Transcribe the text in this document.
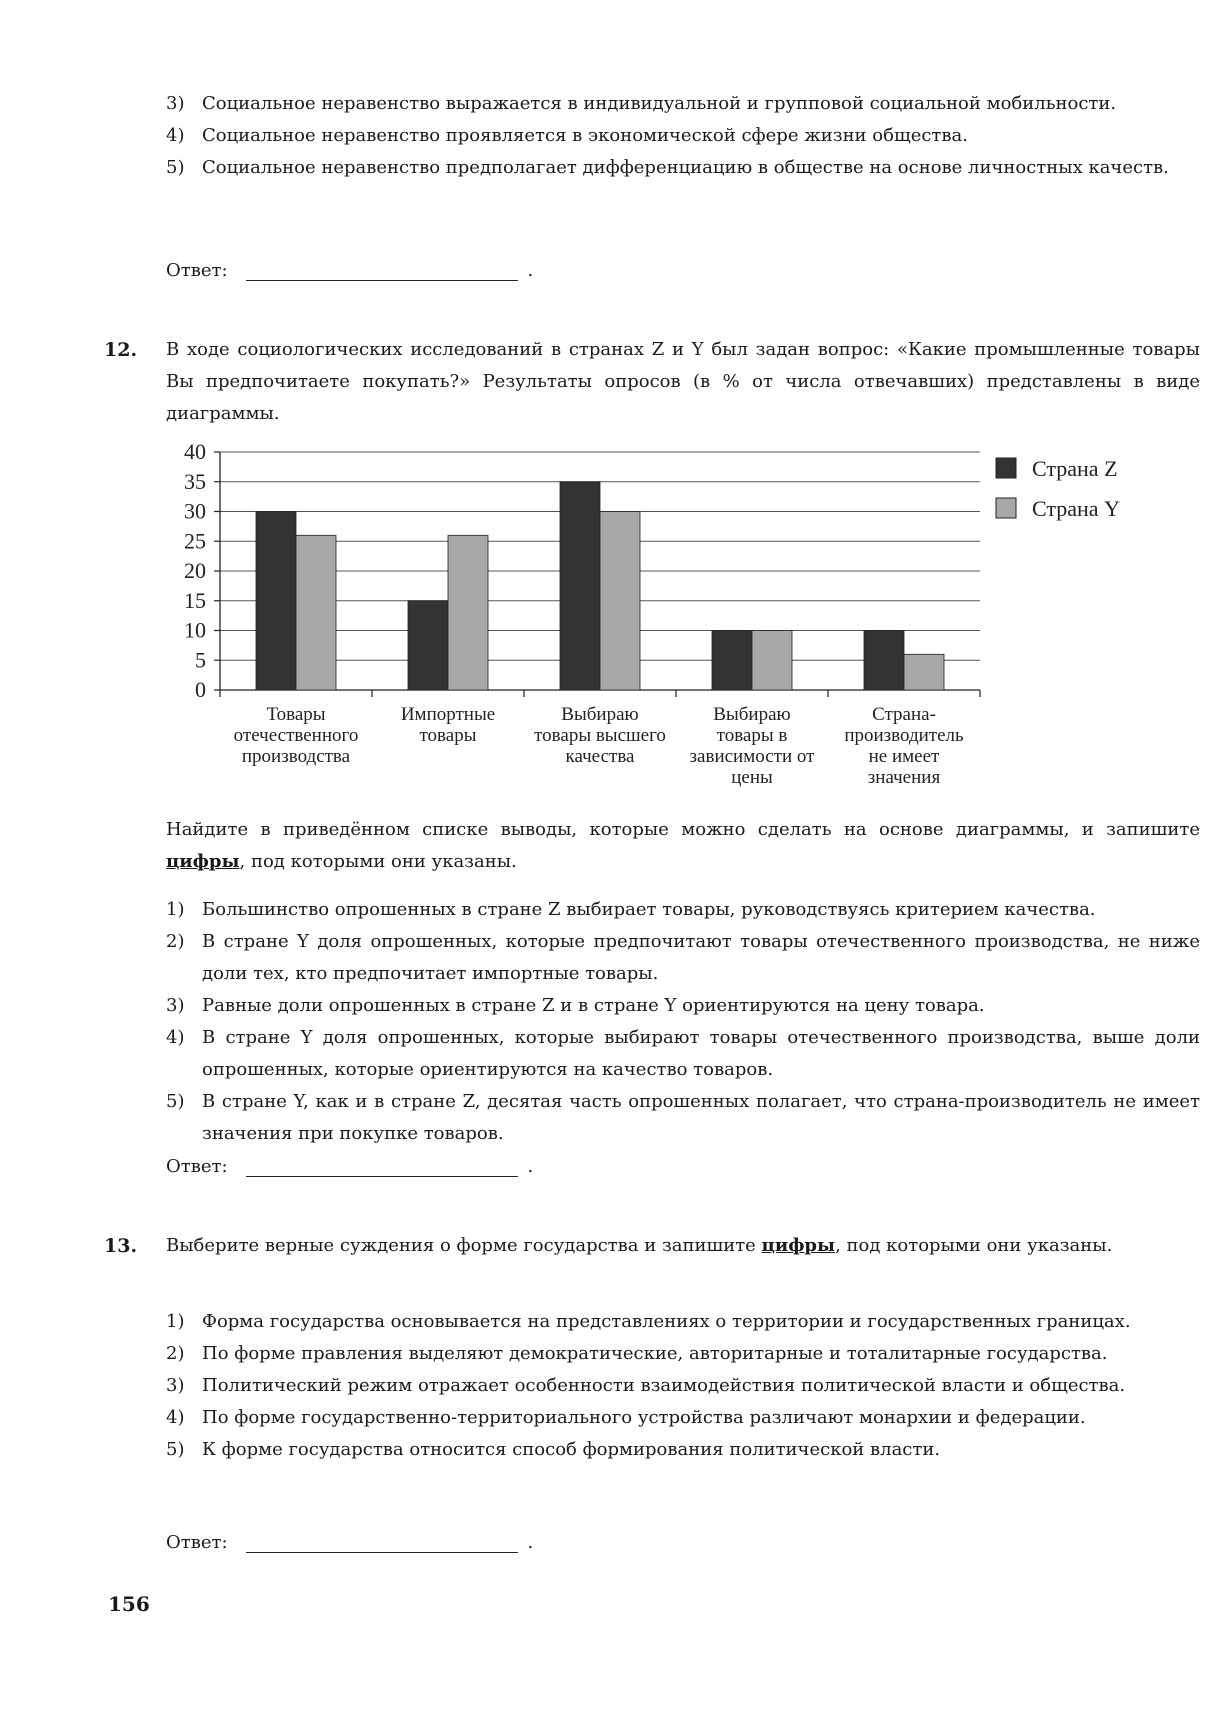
3) Социальное неравенство выражается в индивидуальной и групповой социальной мобильности.
4) Социальное неравенство проявляется в экономической сфере жизни общества.
5) Социальное неравенство предполагает дифференциацию в обществе на основе личностных качеств.
Ответ:	.
12. В ходе социологических исследований в странах Z и Y был задан вопрос: «Какие промышленные товары Вы предпочитаете покупать?» Результаты опросов (в % от числа отвечавших) представлены в виде диаграммы.
0
5
10
15
20
25
30
35
40
Товары
отечественного
производства
Импортные
товары
Выбираю
товары высшего
качества
Выбираю
товары в
зависимости от
цены
Страна-
производитель
не имеет
значения
Страна Z
Страна Y
Найдите в приведённом списке выводы, которые можно сделать на основе диаграммы, и запишите цифры, под которыми они указаны.
1) Большинство опрошенных в стране Z выбирает товары, руководствуясь критерием качества.
2) В стране Y доля опрошенных, которые предпочитают товары отечественного производства, не ниже доли тех, кто предпочитает импортные товары.
3) Равные доли опрошенных в стране Z и в стране Y ориентируются на цену товара.
4) В стране Y доля опрошенных, которые выбирают товары отечественного производства, выше доли опрошенных, которые ориентируются на качество товаров.
5) В стране Y, как и в стране Z, десятая часть опрошенных полагает, что страна-производитель не имеет значения при покупке товаров.
Ответ:	.
13. Выберите верные суждения о форме государства и запишите цифры, под которыми они указаны.
1) Форма государства основывается на представлениях о территории и государственных границах.
2) По форме правления выделяют демократические, авторитарные и тоталитарные государства.
3) Политический режим отражает особенности взаимодействия политической власти и общества.
4) По форме государственно-территориального устройства различают монархии и федерации.
5) К форме государства относится способ формирования политической власти.
Ответ:	.
156
